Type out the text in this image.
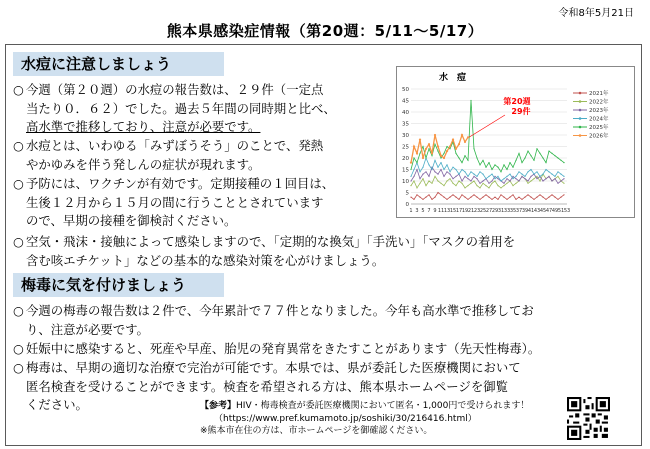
令和8年5月21日
熊本県感染症情報（第20週：5/11～5/17）
水痘に注意しましょう
○ 今週（第２０週）の水痘の報告数は、２９件（一定点
当たり０．６２）でした。過去５年間の同時期と比べ、
高水準で推移しており、注意が必要です。
○ 水痘とは、いわゆる「みずぼうそう」のことで、発熱
やかゆみを伴う発しんの症状が現れます。
○ 予防には、ワクチンが有効です。定期接種の１回目は、
生後１２月から１５月の間に行うこととされています
ので、早期の接種を御検討ください。
○ 空気・飛沫・接触によって感染しますので、「定期的な換気」「手洗い」「マスクの着用を
含む咳エチケット」などの基本的な感染対策を心がけましょう。
0
5
10
15
20
25
30
35
40
45
50
1 3 5 7 9 11 13 15 17 19 21 23 25 27 29 31 33 35 37 39 41 43 45 47 49 51 53
2021年
2022年
2023年
2024年
2025年
2026年
水　痘
第20週
29件
梅毒に気を付けましょう
○ 今週の梅毒の報告数は２件で、今年累計で７７件となりました。今年も高水準で推移してお
り、注意が必要です。
○ 妊娠中に感染すると、死産や早産、胎児の発育異常をきたすことがあります（先天性梅毒）。
○ 梅毒は、早期の適切な治療で完治が可能です。本県では、県が委託した医療機関において
匿名検査を受けることができます。検査を希望される方は、熊本県ホームページを御覧
ください。	【参考】HIV・梅毒検査が委託医療機関において匿名・1,000円で受けられます！
（https://www.pref.kumamoto.jp/soshiki/30/216416.html）
※熊本市在住の方は、市ホームページを御確認ください。
